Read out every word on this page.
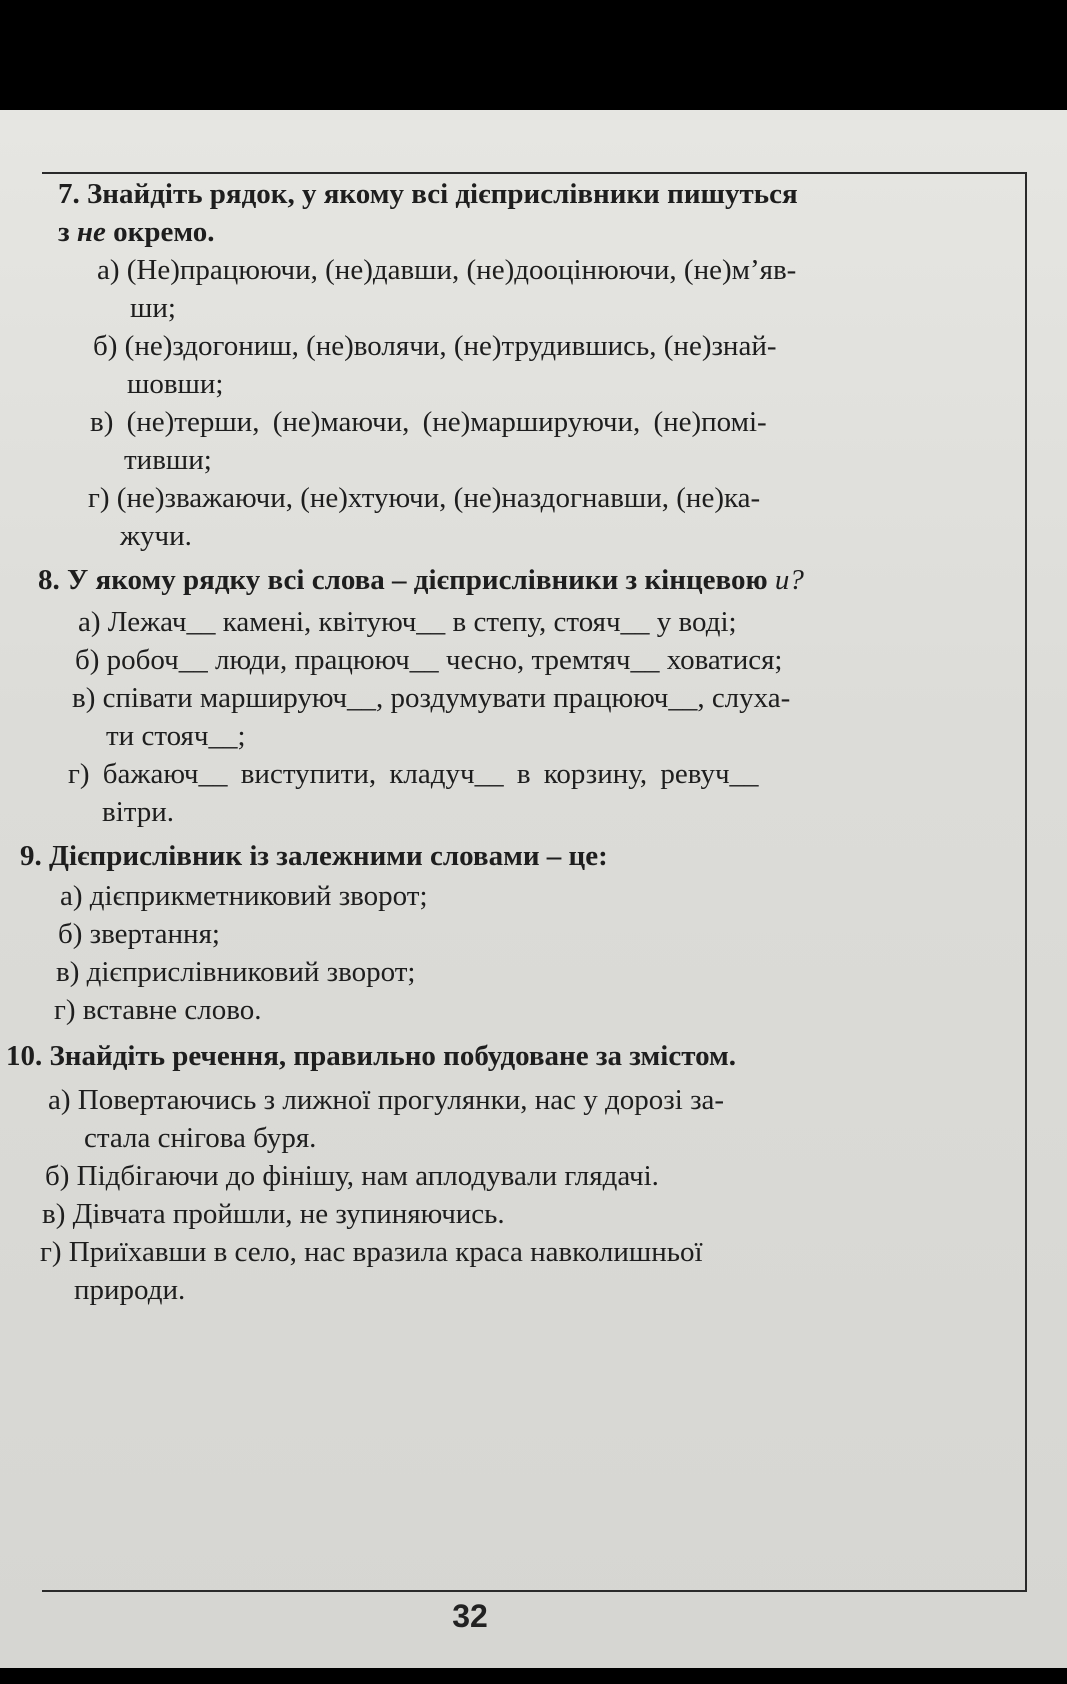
7. Знайдіть рядок, у якому всі дієприслівники пишуться

з не окремо.

а) (Не)працюючи, (не)давши, (не)дооцінюючи, (не)м’яв-

ши;

б) (не)здогониш, (не)волячи, (не)трудившись, (не)знай-

шовши;

в) (не)терши, (не)маючи, (не)маршируючи, (не)помі-

тивши;

г) (не)зважаючи, (не)хтуючи, (не)наздогнавши, (не)ка-

жучи.

8. У якому рядку всі слова – дієприслівники з кінцевою и?

а) Лежач__ камені, квітуюч__ в степу, стояч__ у воді;

б) робоч__ люди, працююч__ чесно, тремтяч__ ховатися;

в) співати маршируюч__, роздумувати працююч__, слуха-

ти стояч__;

г) бажаюч__ виступити, кладуч__ в корзину, ревуч__

вітри.

9. Дієприслівник із залежними словами – це:

а) дієприкметниковий зворот;

б) звертання;

в) дієприслівниковий зворот;

г) вставне слово.

10. Знайдіть речення, правильно побудоване за змістом.

а) Повертаючись з лижної прогулянки, нас у дорозі за-

стала снігова буря.

б) Підбігаючи до фінішу, нам аплодували глядачі.

в) Дівчата пройшли, не зупиняючись.

г) Приїхавши в село, нас вразила краса навколишньої

природи.

32
